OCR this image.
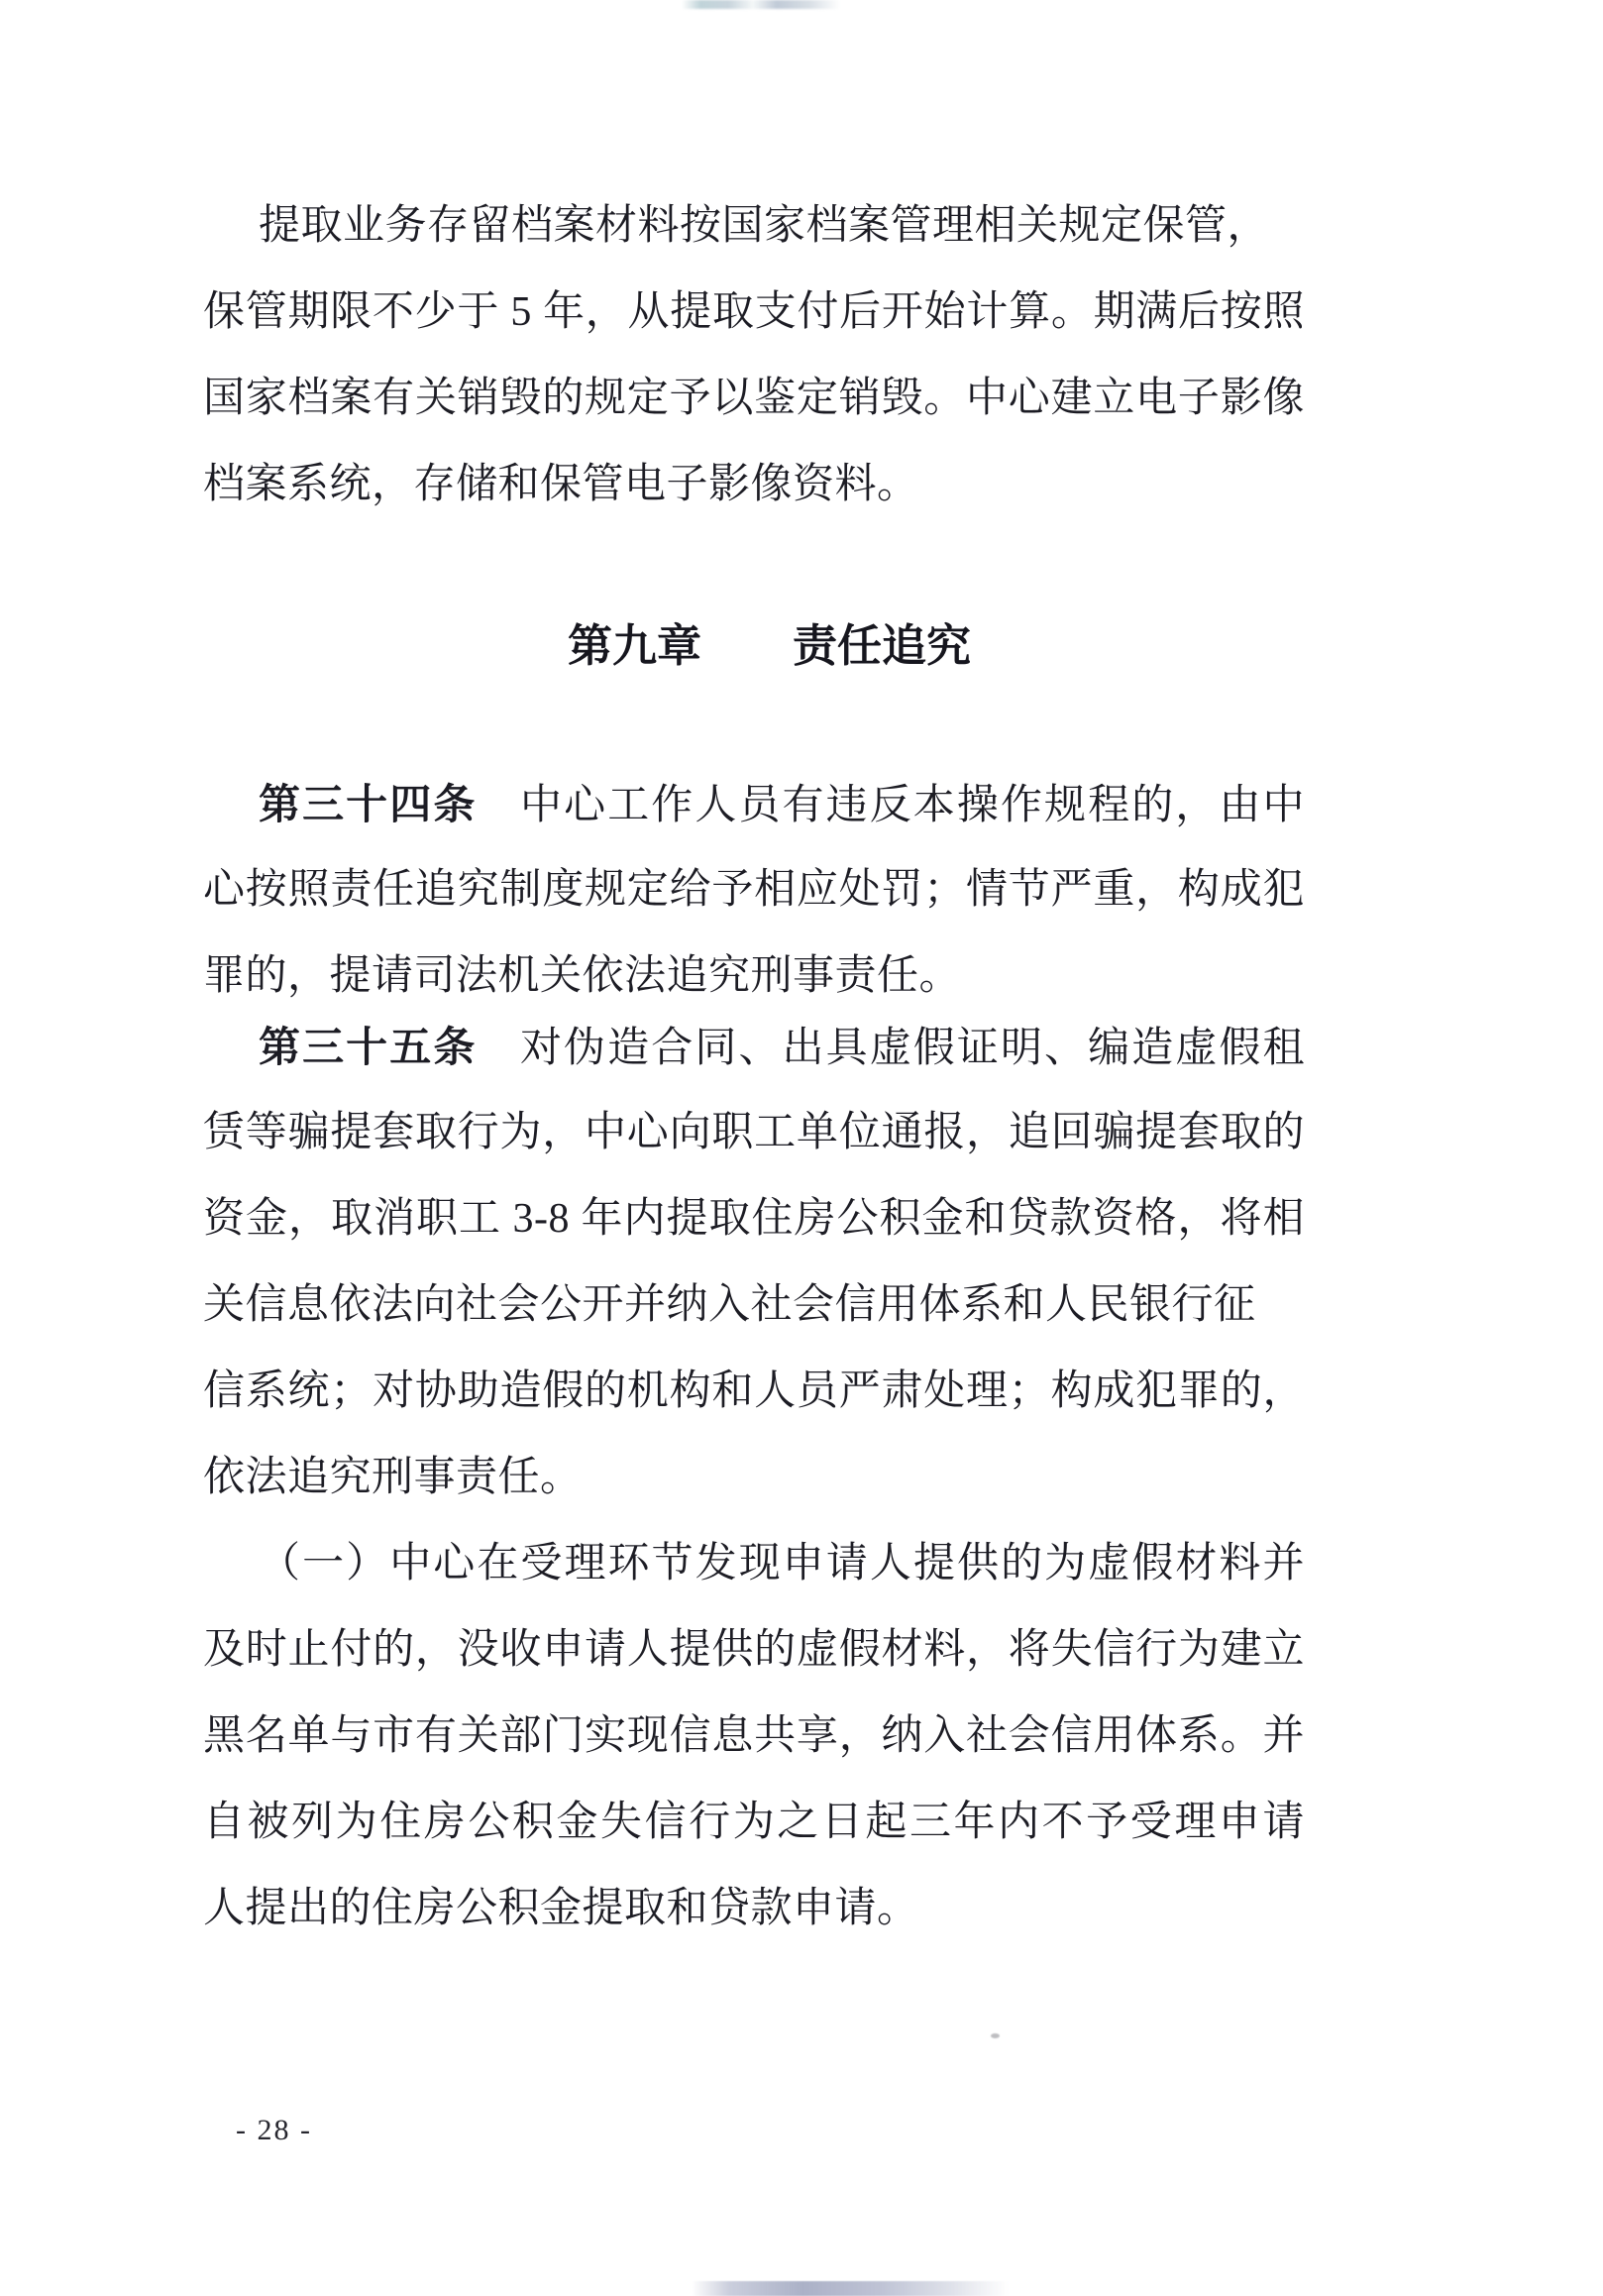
提取业务存留档案材料按国家档案管理相关规定保管，
保管期限不少于 5 年，从提取支付后开始计算。期满后按照
国家档案有关销毁的规定予以鉴定销毁。中心建立电子影像
档案系统，存储和保管电子影像资料。
第九章 责任追究
第三十四条 中心工作人员有违反本操作规程的，由中
心按照责任追究制度规定给予相应处罚；情节严重，构成犯
罪的，提请司法机关依法追究刑事责任。
第三十五条 对伪造合同、出具虚假证明、编造虚假租
赁等骗提套取行为，中心向职工单位通报，追回骗提套取的
资金，取消职工 3-8 年内提取住房公积金和贷款资格，将相
关信息依法向社会公开并纳入社会信用体系和人民银行征
信系统；对协助造假的机构和人员严肃处理；构成犯罪的，
依法追究刑事责任。
（一）中心在受理环节发现申请人提供的为虚假材料并
及时止付的，没收申请人提供的虚假材料，将失信行为建立
黑名单与市有关部门实现信息共享，纳入社会信用体系。并
自被列为住房公积金失信行为之日起三年内不予受理申请
人提出的住房公积金提取和贷款申请。
- 28 -
